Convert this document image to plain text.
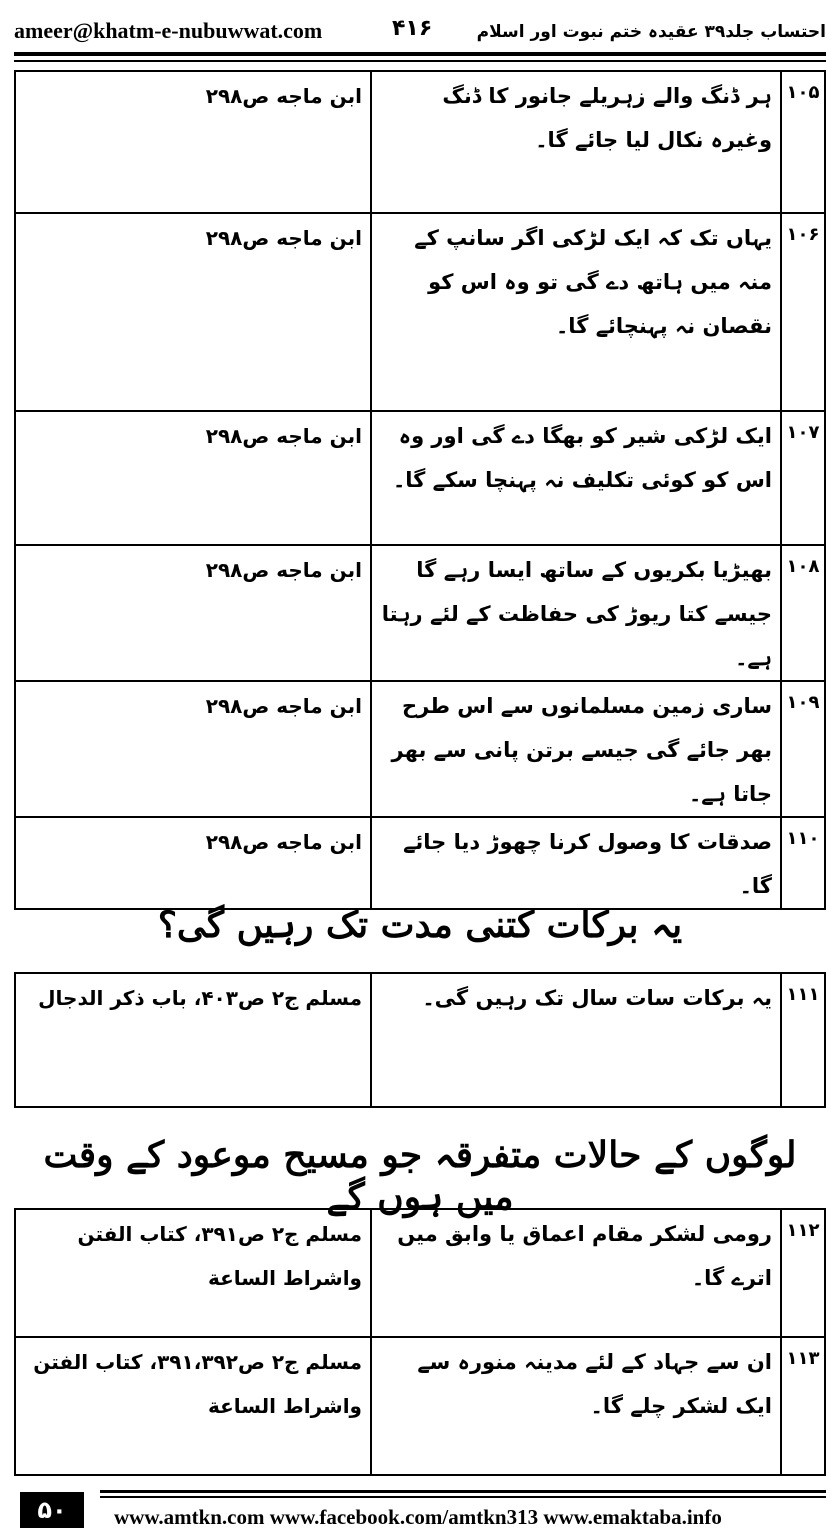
ameer@khatm-e-nubuwwat.com	۴۱۶	احتساب جلد۳۹ عقیدہ ختم نبوت اور اسلام
۱۰۵	ہر ڈنگ والے زہریلے جانور کا ڈنگ وغیرہ نکال لیا جائے گا۔	ابن ماجه ص۲۹۸
۱۰۶	یہاں تک کہ ایک لڑکی اگر سانپ کے منہ میں ہاتھ دے گی تو وہ اس کو نقصان نہ پہنچائے گا۔	ابن ماجه ص۲۹۸
۱۰۷	ایک لڑکی شیر کو بھگا دے گی اور وہ اس کو کوئی تکلیف نہ پہنچا سکے گا۔	ابن ماجه ص۲۹۸
۱۰۸	بھیڑیا بکریوں کے ساتھ ایسا رہے گا جیسے کتا ریوڑ کی حفاظت کے لئے رہتا ہے۔	ابن ماجه ص۲۹۸
۱۰۹	ساری زمین مسلمانوں سے اس طرح بھر جائے گی جیسے برتن پانی سے بھر جاتا ہے۔	ابن ماجه ص۲۹۸
۱۱۰	صدقات کا وصول کرنا چھوڑ دیا جائے گا۔	ابن ماجه ص۲۹۸
یہ برکات کتنی مدت تک رہیں گی؟
۱۱۱	یہ برکات سات سال تک رہیں گی۔	مسلم ج۲ ص۴۰۳، باب ذکر الدجال
لوگوں کے حالات متفرقہ جو مسیح موعود کے وقت میں ہوں گے
۱۱۲	رومی لشکر مقام اعماق یا وابق میں اترے گا۔	مسلم ج۲ ص۳۹۱، کتاب الفتن واشراط الساعة
۱۱۳	ان سے جہاد کے لئے مدینہ منورہ سے ایک لشکر چلے گا۔	مسلم ج۲ ص۳۹۱،۳۹۲، کتاب الفتن واشراط الساعة
۵۰	www.amtkn.com www.facebook.com/amtkn313 www.emaktaba.info
